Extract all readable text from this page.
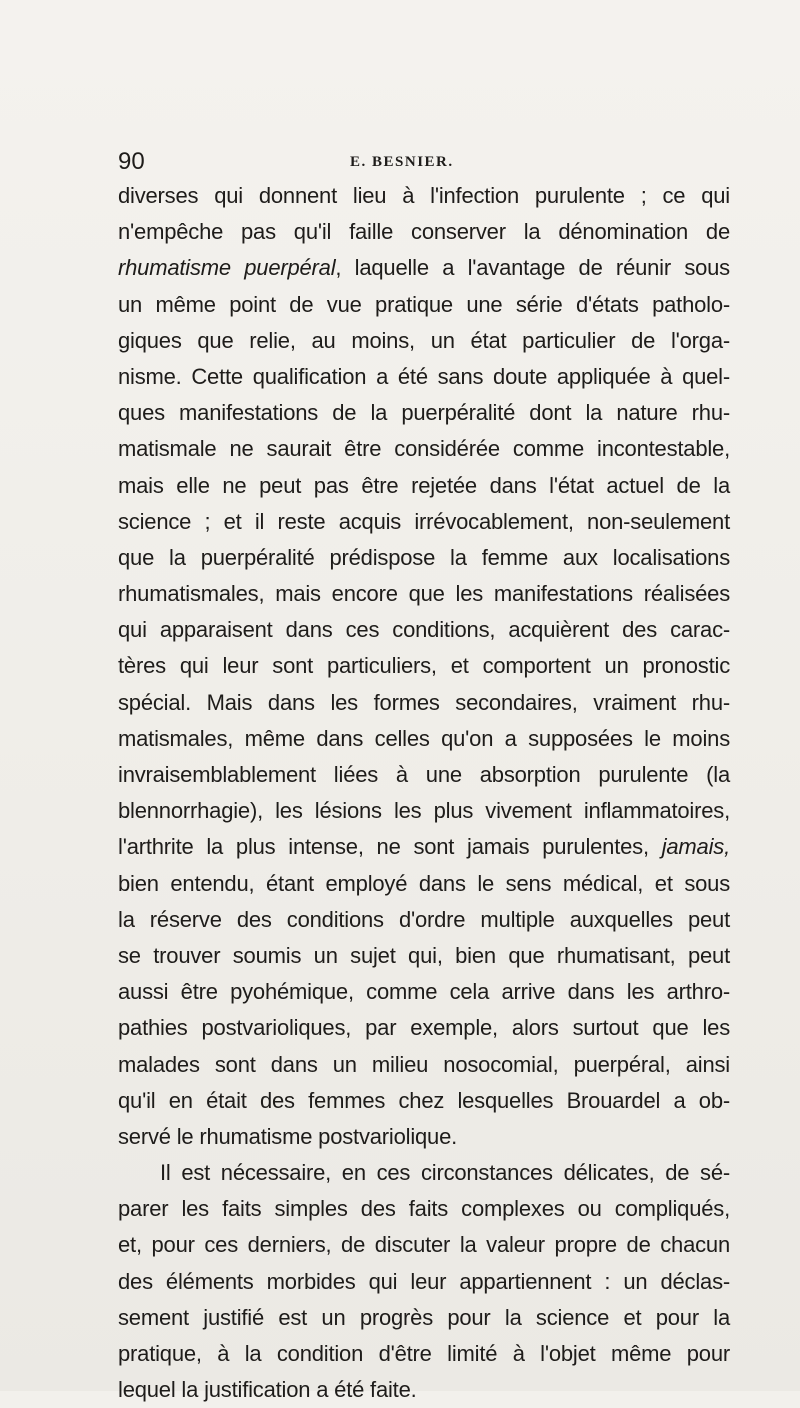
90	E. BESNIER.
diverses qui donnent lieu à l'infection purulente ; ce qui
n'empêche pas qu'il faille conserver la dénomination de
rhumatisme puerpéral, laquelle a l'avantage de réunir sous
un même point de vue pratique une série d'états patholo-
giques que relie, au moins, un état particulier de l'orga-
nisme. Cette qualification a été sans doute appliquée à quel-
ques manifestations de la puerpéralité dont la nature rhu-
matismale ne saurait être considérée comme incontestable,
mais elle ne peut pas être rejetée dans l'état actuel de la
science ; et il reste acquis irrévocablement, non-seulement
que la puerpéralité prédispose la femme aux localisations
rhumatismales, mais encore que les manifestations réalisées
qui apparaisent dans ces conditions, acquièrent des carac-
tères qui leur sont particuliers, et comportent un pronostic
spécial. Mais dans les formes secondaires, vraiment rhu-
matismales, même dans celles qu'on a supposées le moins
invraisemblablement liées à une absorption purulente (la
blennorrhagie), les lésions les plus vivement inflammatoires,
l'arthrite la plus intense, ne sont jamais purulentes, jamais,
bien entendu, étant employé dans le sens médical, et sous
la réserve des conditions d'ordre multiple auxquelles peut
se trouver soumis un sujet qui, bien que rhumatisant, peut
aussi être pyohémique, comme cela arrive dans les arthro-
pathies postvarioliques, par exemple, alors surtout que les
malades sont dans un milieu nosocomial, puerpéral, ainsi
qu'il en était des femmes chez lesquelles Brouardel a ob-
servé le rhumatisme postvariolique.
Il est nécessaire, en ces circonstances délicates, de sé-
parer les faits simples des faits complexes ou compliqués,
et, pour ces derniers, de discuter la valeur propre de chacun
des éléments morbides qui leur appartiennent : un déclas-
sement justifié est un progrès pour la science et pour la
pratique, à la condition d'être limité à l'objet même pour
lequel la justification a été faite.
